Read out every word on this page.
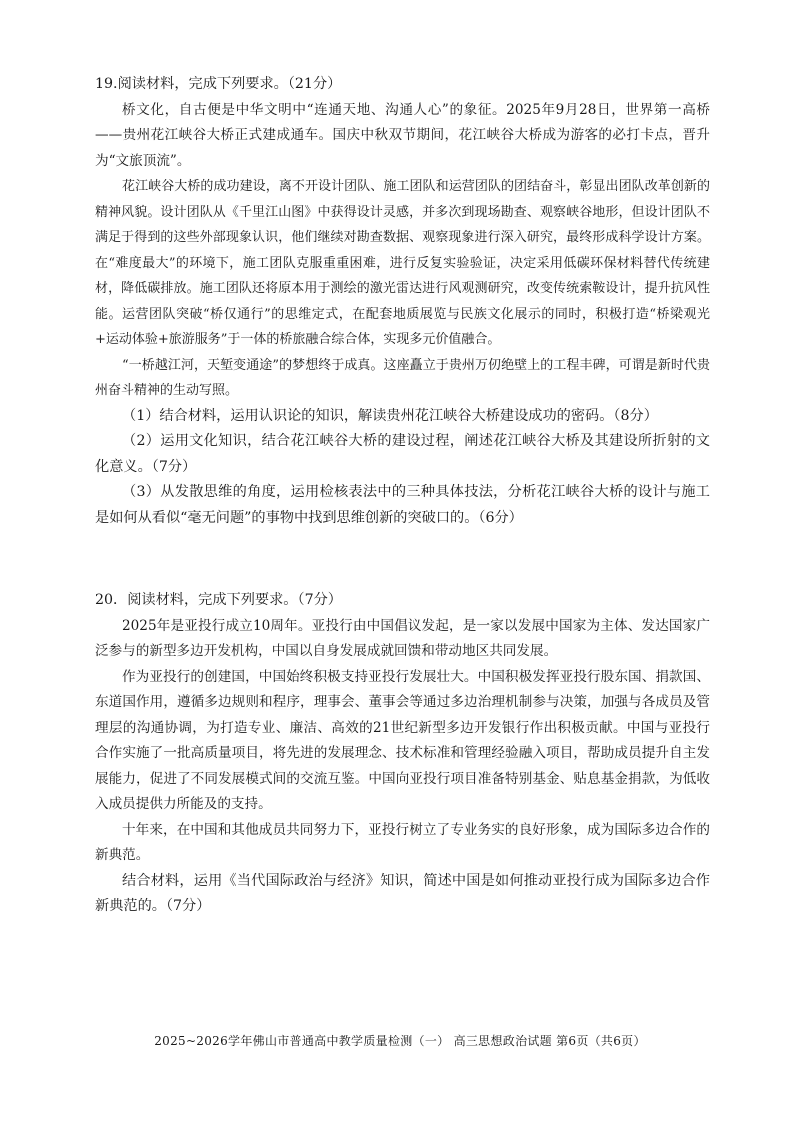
19.阅读材料，完成下列要求。（21分）

桥文化，自古便是中华文明中“连通天地、沟通人心”的象征。2025年9月28日，世界第一高桥——贵州花江峡谷大桥正式建成通车。国庆中秋双节期间，花江峡谷大桥成为游客的必打卡点，晋升为“文旅顶流”。

花江峡谷大桥的成功建设，离不开设计团队、施工团队和运营团队的团结奋斗，彰显出团队改革创新的精神风貌。设计团队从《千里江山图》中获得设计灵感，并多次到现场勘查、观察峡谷地形，但设计团队不满足于得到的这些外部现象认识，他们继续对勘查数据、观察现象进行深入研究，最终形成科学设计方案。在“难度最大”的环境下，施工团队克服重重困难，进行反复实验验证，决定采用低碳环保材料替代传统建材，降低碳排放。施工团队还将原本用于测绘的激光雷达进行风观测研究，改变传统索鞍设计，提升抗风性能。运营团队突破“桥仅通行”的思维定式，在配套地质展览与民族文化展示的同时，积极打造“桥梁观光+运动体验+旅游服务”于一体的桥旅融合综合体，实现多元价值融合。

“一桥越江河，天堑变通途”的梦想终于成真。这座矗立于贵州万仞绝壁上的工程丰碑，可谓是新时代贵州奋斗精神的生动写照。

（1）结合材料，运用认识论的知识，解读贵州花江峡谷大桥建设成功的密码。（8分）

（2）运用文化知识，结合花江峡谷大桥的建设过程，阐述花江峡谷大桥及其建设所折射的文化意义。（7分）

（3）从发散思维的角度，运用检核表法中的三种具体技法，分析花江峡谷大桥的设计与施工是如何从看似“毫无问题”的事物中找到思维创新的突破口的。（6分）

20．阅读材料，完成下列要求。（7分）

2025年是亚投行成立10周年。亚投行由中国倡议发起，是一家以发展中国家为主体、发达国家广泛参与的新型多边开发机构，中国以自身发展成就回馈和带动地区共同发展。

作为亚投行的创建国，中国始终积极支持亚投行发展壮大。中国积极发挥亚投行股东国、捐款国、东道国作用，遵循多边规则和程序，理事会、董事会等通过多边治理机制参与决策，加强与各成员及管理层的沟通协调，为打造专业、廉洁、高效的21世纪新型多边开发银行作出积极贡献。中国与亚投行合作实施了一批高质量项目，将先进的发展理念、技术标准和管理经验融入项目，帮助成员提升自主发展能力，促进了不同发展模式间的交流互鉴。中国向亚投行项目准备特别基金、贴息基金捐款，为低收入成员提供力所能及的支持。

十年来，在中国和其他成员共同努力下，亚投行树立了专业务实的良好形象，成为国际多边合作的新典范。

结合材料，运用《当代国际政治与经济》知识，简述中国是如何推动亚投行成为国际多边合作新典范的。（7分）

2025~2026学年佛山市普通高中教学质量检测（一） 高三思想政治试题 第6页（共6页）
